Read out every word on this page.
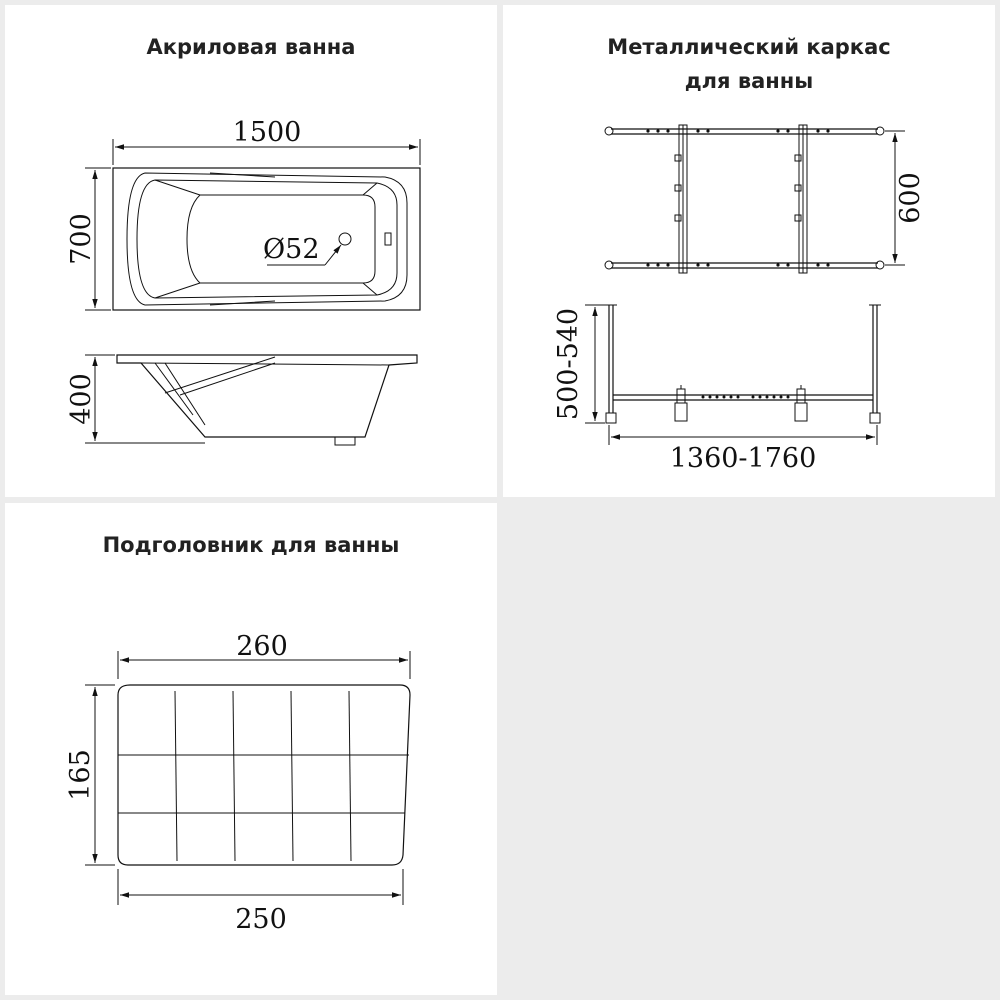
Акриловая ванна
Ø52
1500
700
400
Металлический каркас
для ванны
600
500-540
1360-1760
Подголовник для ванны
260
165
250
